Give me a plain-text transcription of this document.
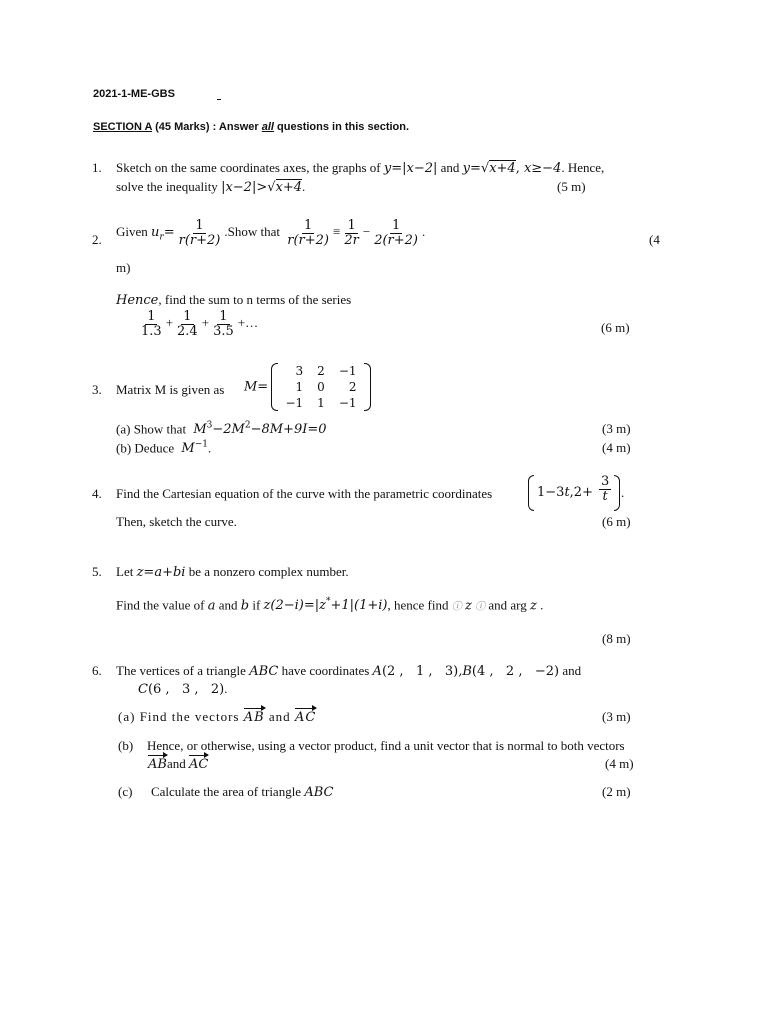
2021-1-ME-GBS
SECTION A (45 Marks) : Answer all questions in this section.
1. Sketch on the same coordinates axes, the graphs of y=|x−2| and y=√x+4, x≥−4. Hence,
solve the inequality |x−2|>√x+4.	(5 m)
2.
Given $u_r= \frac{1}{r(r+2)}$ .Show that $\frac{1}{r(r+2)} \equiv \frac{1}{2r} - \frac{1}{2(r+2)}$ .
(4
m)
Hence, find the sum to n terms of the series
$\frac{1}{1.3} + \frac{1}{2.4} + \frac{1}{3.5}$ +…	(6 m)
3. Matrix M is given as M=
3	2	−1
1	0	2
−1	1	−1
(a) Show that $M^3-2M^2-8M+9I=0$	(3 m)
(b) Deduce $M^{-1}$.	(4 m)
4. Find the Cartesian equation of the curve with the parametric coordinates	$1-3t,2+ \frac{3}{t}$ .
Then, sketch the curve.	(6 m)
5. Let z=a+bi be a nonzero complex number.
Find the value of a and b if z(2−i)=|z*+1|(1+i), hence find ⓘ z ⓘ and arg z .
(8 m)
6. The vertices of a triangle ABC have coordinates A(2 ,   1 ,   3),B(4 ,   2 ,   −2) and
C(6 ,   3 ,   2).
(a) Find the vectors AB and AC	(3 m)
(b) Hence, or otherwise, using a vector product, find a unit vector that is normal to both vectors
ABand AC	(4 m)
(c) Calculate the area of triangle ABC	(2 m)
